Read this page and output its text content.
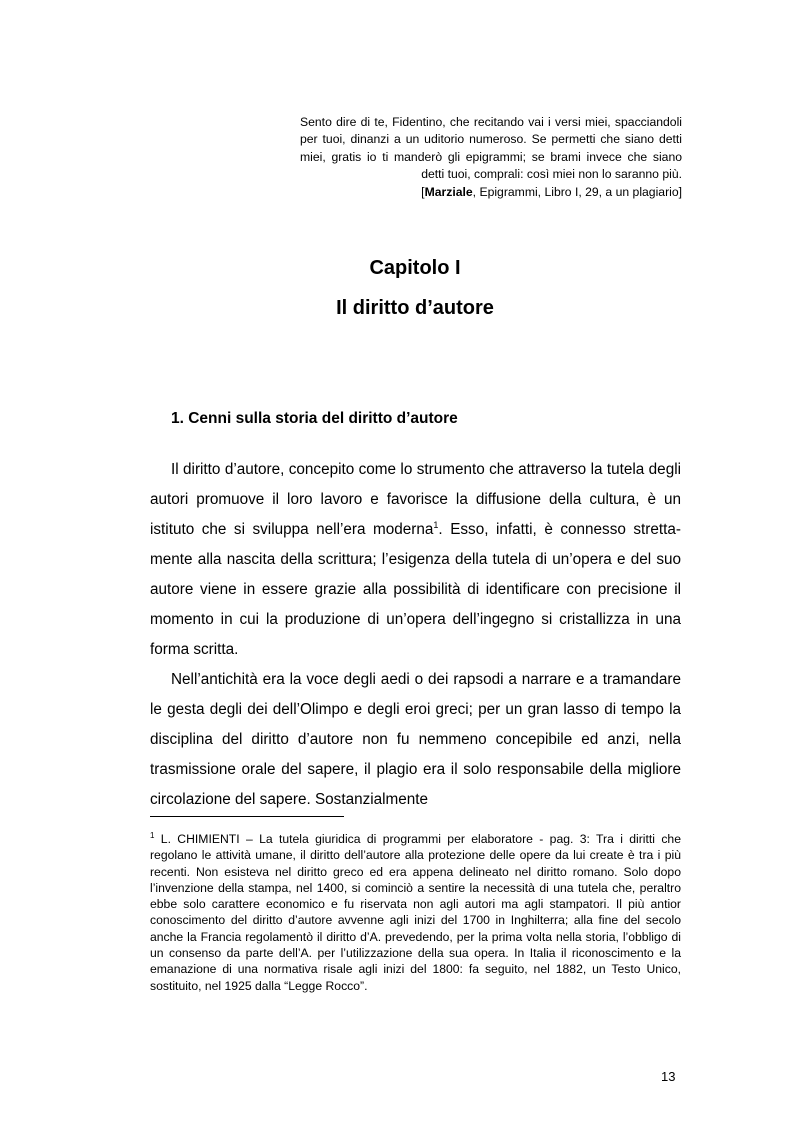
Sento dire di te, Fidentino, che recitando vai i versi miei, spacciandoli per tuoi, dinanzi a un uditorio numeroso. Se permetti che siano detti miei, gratis io ti manderò gli epigrammi; se brami invece che siano detti tuoi, comprali: così miei non lo saranno più.
[Marziale, Epigrammi, Libro I, 29, a un plagiario]
Capitolo I
Il diritto d’autore
1. Cenni sulla storia del diritto d’autore

Il diritto d’autore, concepito come lo strumento che attraverso la tutela degli autori promuove il loro lavoro e favorisce la diffusione della cultura, è un istituto che si sviluppa nell’era moderna$^1$. Esso, infatti, è connesso stretta-mente alla nascita della scrittura; l’esigenza della tutela di un’opera e del suo autore viene in essere grazie alla possibilità di identificare con precisione il momento in cui la produzione di un’opera dell’ingegno si cristallizza in una forma scritta.

Nell’antichità era la voce degli aedi o dei rapsodi a narrare e a tramandare le gesta degli dei dell’Olimpo e degli eroi greci; per un gran lasso di tempo la disciplina del diritto d’autore non fu nemmeno concepibile ed anzi, nella trasmissione orale del sapere, il plagio era il solo responsabile della migliore circolazione del sapere. Sostanzialmente

$^1$ L. CHIMIENTI – La tutela giuridica di programmi per elaboratore - pag. 3: Tra i diritti che regolano le attività umane, il diritto dell’autore alla protezione delle opere da lui create è tra i più recenti. Non esisteva nel diritto greco ed era appena delineato nel diritto romano. Solo dopo l’invenzione della stampa, nel 1400, si cominciò a sentire la necessità di una tutela che, peraltro ebbe solo carattere economico e fu riservata non agli autori ma agli stampatori. Il più antior conoscimento del diritto d’autore avvenne agli inizi del 1700 in Inghilterra; alla fine del secolo anche la Francia regolamentò il diritto d’A. prevedendo, per la prima volta nella storia, l’obbligo di un consenso da parte dell’A. per l’utilizzazione della sua opera. In Italia il riconoscimento e la emanazione di una normativa risale agli inizi del 1800: fa seguito, nel 1882, un Testo Unico, sostituito, nel 1925 dalla “Legge Rocco”.
13
